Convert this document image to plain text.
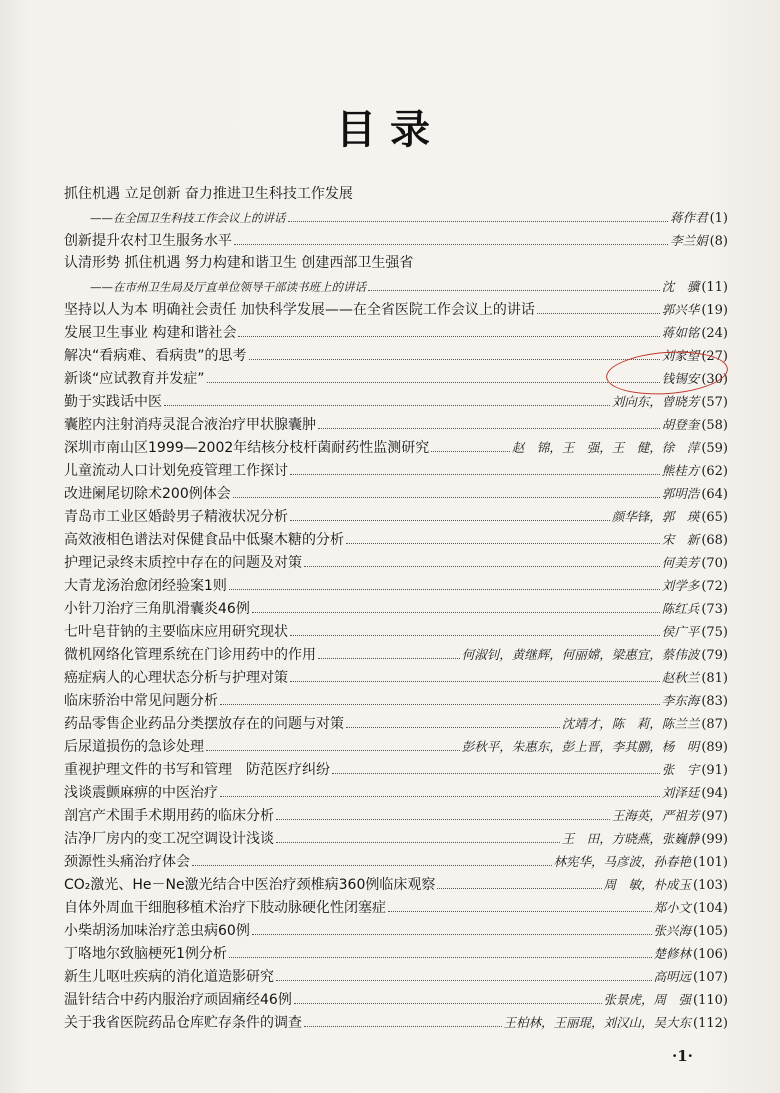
目录
抓住机遇 立足创新 奋力推进卫生科技工作发展
——在全国卫生科技工作会议上的讲话	蒋作君 (1)
创新提升农村卫生服务水平	李兰娟 (8)
认清形势 抓住机遇 努力构建和谐卫生 创建西部卫生强省
——在市州卫生局及厅直单位领导干部读书班上的讲话	沈　骥 (11)
坚持以人为本 明确社会责任 加快科学发展——在全省医院工作会议上的讲话	郭兴华 (19)
发展卫生事业 构建和谐社会	蒋如铭 (24)
解决“看病难、看病贵”的思考	刘家望 (27)
新谈“应试教育并发症”	钱锡安 (30)
勤于实践话中医	刘向东，曾晓芳 (57)
囊腔内注射消痔灵混合液治疗甲状腺囊肿	胡登奎 (58)
深圳市南山区1999—2002年结核分枝杆菌耐药性监测研究	赵　锦，王　强，王　健，徐　萍 (59)
儿童流动人口计划免疫管理工作探讨	熊桂方 (62)
改进阑尾切除术200例体会	郭明浩 (64)
青岛市工业区婚龄男子精液状况分析	颜华锋，郭　瑛 (65)
高效液相色谱法对保健食品中低聚木糖的分析	宋　新 (68)
护理记录终末质控中存在的问题及对策	何美芳 (70)
大青龙汤治愈闭经验案1则	刘学多 (72)
小针刀治疗三角肌滑囊炎46例	陈红兵 (73)
七叶皂苷钠的主要临床应用研究现状	侯广平 (75)
微机网络化管理系统在门诊用药中的作用	何淑钊，黄继辉，何丽嫦，梁惠宜，蔡伟波 (79)
癌症病人的心理状态分析与护理对策	赵秋兰 (81)
临床骄治中常见问题分析	李东海 (83)
药品零售企业药品分类摆放存在的问题与对策	沈靖才，陈　莉，陈兰兰 (87)
后尿道损伤的急诊处理	彭秋平，朱惠东，彭上晋，李其鹏，杨　明 (89)
重视护理文件的书写和管理　防范医疗纠纷	张　宇 (91)
浅谈震颤麻痹的中医治疗	刘泽廷 (94)
剖宫产术围手术期用药的临床分析	王海英，严祖芳 (97)
洁净厂房内的变工况空调设计浅谈	王　田，方晓燕，张巍静 (99)
颈源性头痛治疗体会	林宪华，马彦波，孙春艳 (101)
CO₂激光、He－Ne激光结合中医治疗颈椎病360例临床观察	周　敏，朴成玉 (103)
自体外周血干细胞移植术治疗下肢动脉硬化性闭塞症	郑小文 (104)
小柴胡汤加味治疗恙虫病60例	张兴海 (105)
丁咯地尔致脑梗死1例分析	楚修林 (106)
新生儿呕吐疾病的消化道造影研究	高明远 (107)
温针结合中药内服治疗顽固痛经46例	张景虎，周　强 (110)
关于我省医院药品仓库贮存条件的调查	王柏林，王丽琨，刘汉山，吴大东 (112)
·1·
